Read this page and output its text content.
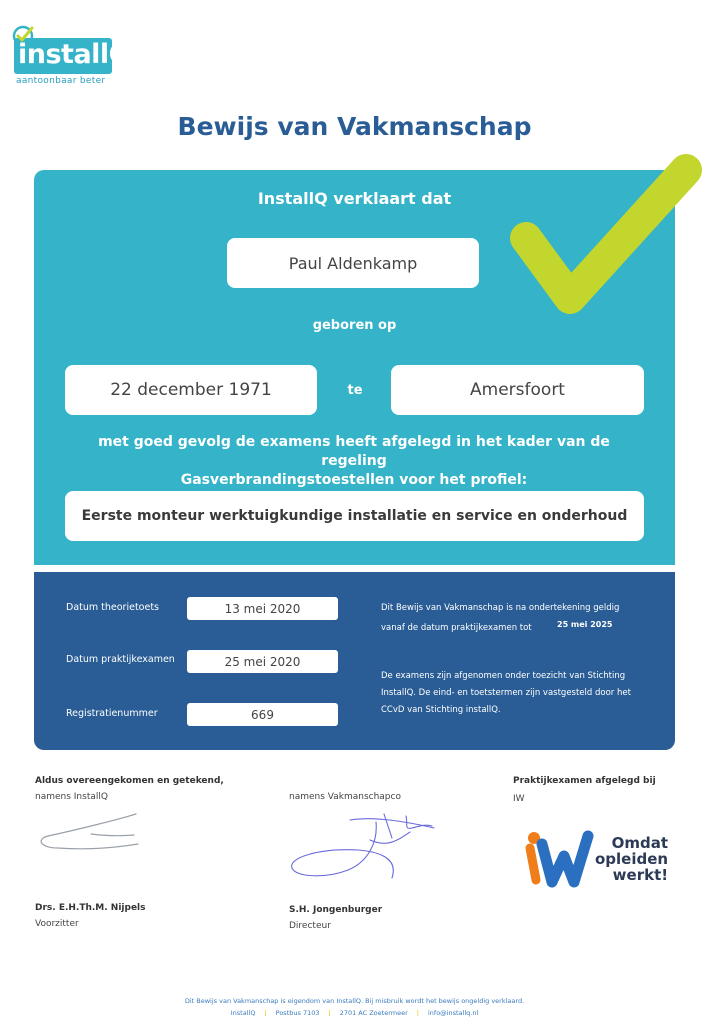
installQ
aantoonbaar beter
Bewijs van Vakmanschap
InstallQ verklaart dat
Paul Aldenkamp
geboren op
22 december 1971	te	Amersfoort
met goed gevolg de examens heeft afgelegd in het kader van de regeling
Gasverbrandingstoestellen voor het profiel:
Eerste monteur werktuigkundige installatie en service en onderhoud
Datum theorietoets	13 mei 2020
Datum praktijkexamen	25 mei 2020
Registratienummer	669
Dit Bewijs van Vakmanschap is na ondertekening geldig
vanaf de datum praktijkexamen tot	25 mei 2025
De examens zijn afgenomen onder toezicht van Stichting
InstallQ. De eind- en toetstermen zijn vastgesteld door het
CCvD van Stichting installQ.
Aldus overeengekomen en getekend,
namens InstallQ	namens Vakmanschapco
Praktijkexamen afgelegd bij
IW
Drs. E.H.Th.M. Nijpels
Voorzitter
S.H. Jongenburger
Directeur
Omdat
opleiden
werkt!
Dit Bewijs van Vakmanschap is eigendom van InstallQ. Bij misbruik wordt het bewijs ongeldig verklaard.
InstallQ | Postbus 7103 | 2701 AC Zoetermeer | info@installq.nl
